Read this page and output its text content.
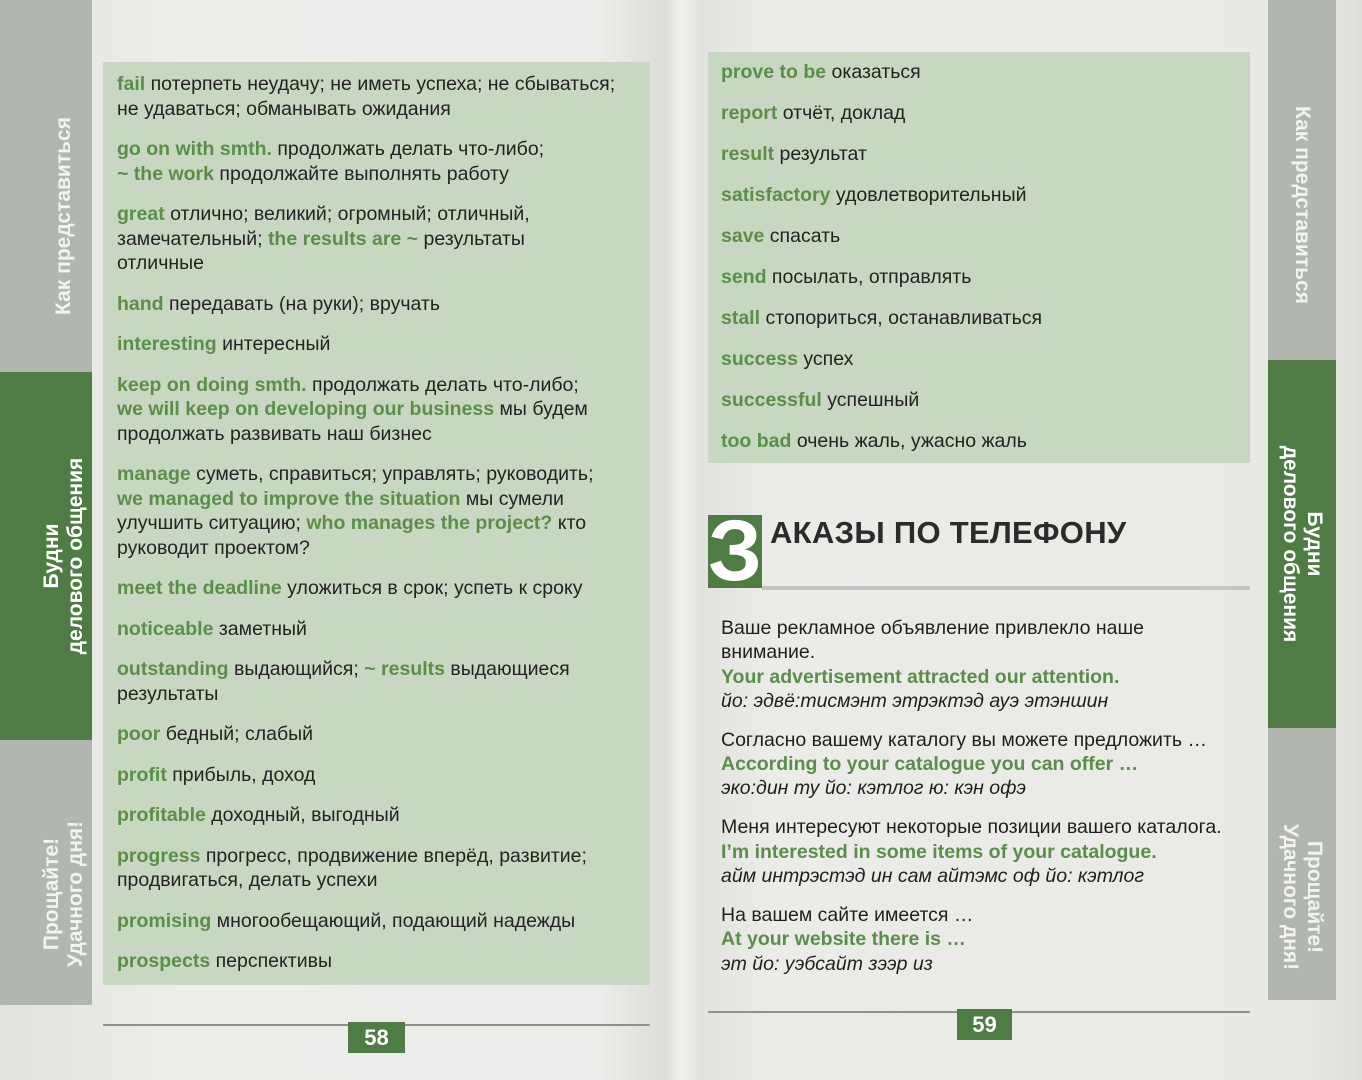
Как представиться
Будни делового общения
Прощайте! Удачного дня!

fail потерпеть неудачу; не иметь успеха; не сбываться;
не удаваться; обманывать ожидания

go on with smth. продолжать делать что-либо;
~ the work продолжайте выполнять работу

great отлично; великий; огромный; отличный,
замечательный; the results are ~ результаты
отличные

hand передавать (на руки); вручать

interesting интересный

keep on doing smth. продолжать делать что-либо;
we will keep on developing our business мы будем
продолжать развивать наш бизнес

manage суметь, справиться; управлять; руководить;
we managed to improve the situation мы сумели
улучшить ситуацию; who manages the project? кто
руководит проектом?

meet the deadline уложиться в срок; успеть к сроку

noticeable заметный

outstanding выдающийся; ~ results выдающиеся
результаты

poor бедный; слабый

profit прибыль, доход

profitable доходный, выгодный

progress прогресс, продвижение вперёд, развитие;
продвигаться, делать успехи

promising многообещающий, подающий надежды

prospects перспективы

58

prove to be оказаться

report отчёт, доклад

result результат

satisfactory удовлетворительный

save спасать

send посылать, отправлять

stall стопориться, останавливаться

success успех

successful успешный

too bad очень жаль, ужасно жаль

З АКАЗЫ ПО ТЕЛЕФОНУ
Ваше рекламное объявление привлекло наше
внимание.
Your advertisement attracted our attention.
йо: эдвё:тисмэнт этрэктэд ауэ этэншин
Согласно вашему каталогу вы можете предложить …
According to your catalogue you can offer …
эко:дин ту йо: кэтлог ю: кэн офэ
Меня интересуют некоторые позиции вашего каталога.
I’m interested in some items of your catalogue.
айм интрэстэд ин сам айтэмс оф йо: кэтлог
На вашем сайте имеется …
At your website there is …
эт йо: уэбсайт зээр из
59
Как представиться
Будни
делового общения
Прощайте!
Удачного дня!
